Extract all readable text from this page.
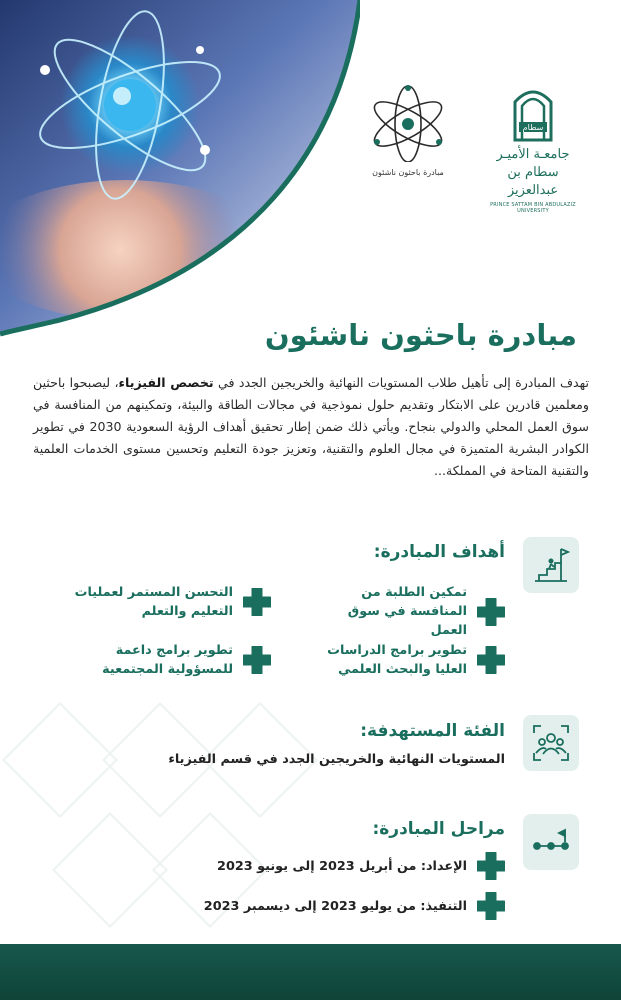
مبادرة باحثون ناشئون
سطام
جامعـة الأميـر
سطام بن عبدالعزيز
PRINCE SATTAM BIN ABDULAZIZ UNIVERSITY
مبادرة باحثون ناشئون

تهدف المبادرة إلى تأهيل طلاب المستويات النهائية والخريجين الجدد في تخصص الفيزياء، ليصبحوا باحثين ومعلمين قادرين على الابتكار وتقديم حلول نموذجية في مجالات الطاقة والبيئة، وتمكينهم من المنافسة في سوق العمل المحلي والدولي بنجاح. ويأتي ذلك ضمن إطار تحقيق أهداف الرؤية السعودية 2030 في تطوير الكوادر البشرية المتميزة في مجال العلوم والتقنية، وتعزيز جودة التعليم وتحسين مستوى الخدمات العلمية والتقنية المتاحة في المملكة...

أهداف المبادرة:
تمكين الطلبة من المنافسة في سوق العمل
التحسن المستمر لعمليات التعليم والتعلم
تطوير برامج الدراسات العليا والبحث العلمي
تطوير برامج داعمة للمسؤولية المجتمعية
الفئة المستهدفة:
المستويات النهائية والخريجين الجدد في قسم الفيزياء
مراحل المبادرة:
الإعداد: من أبريل 2023 إلى يونيو 2023
التنفيذ: من يوليو 2023 إلى ديسمبر 2023
